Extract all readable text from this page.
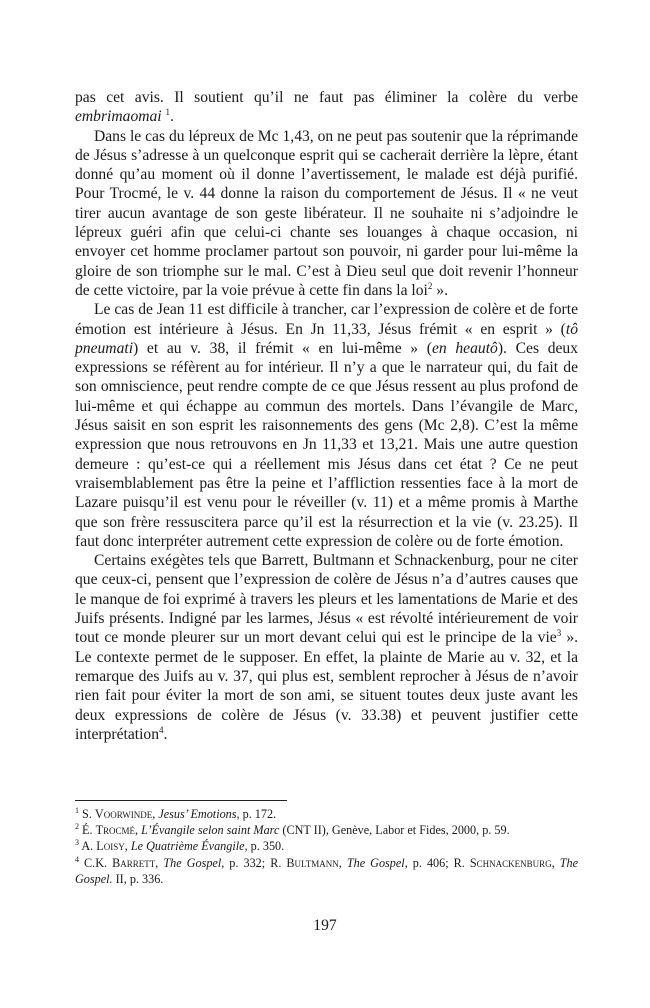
pas cet avis. Il soutient qu’il ne faut pas éliminer la colère du verbe embrimaomai $^1$.

Dans le cas du lépreux de Mc 1,43, on ne peut pas soutenir que la réprimande de Jésus s’adresse à un quelconque esprit qui se cacherait derrière la lèpre, étant donné qu’au moment où il donne l’avertissement, le malade est déjà purifié. Pour Trocmé, le v. 44 donne la raison du comportement de Jésus. Il « ne veut tirer aucun avantage de son geste libérateur. Il ne souhaite ni s’adjoindre le lépreux guéri afin que celui-ci chante ses louanges à chaque occasion, ni envoyer cet homme proclamer partout son pouvoir, ni garder pour lui-même la gloire de son triomphe sur le mal. C’est à Dieu seul que doit revenir l’honneur de cette victoire, par la voie prévue à cette fin dans la loi$^2$ ».

Le cas de Jean 11 est difficile à trancher, car l’expression de colère et de forte émotion est intérieure à Jésus. En Jn 11,33, Jésus frémit « en esprit » (tô pneumati) et au v. 38, il frémit « en lui-même » (en heautô). Ces deux expressions se réfèrent au for intérieur. Il n’y a que le narrateur qui, du fait de son omniscience, peut rendre compte de ce que Jésus ressent au plus profond de lui-même et qui échappe au commun des mortels. Dans l’évangile de Marc, Jésus saisit en son esprit les raisonnements des gens (Mc 2,8). C’est la même expression que nous retrouvons en Jn 11,33 et 13,21. Mais une autre question demeure : qu’est-ce qui a réellement mis Jésus dans cet état ? Ce ne peut vraisemblablement pas être la peine et l’affliction ressenties face à la mort de Lazare puisqu’il est venu pour le réveiller (v. 11) et a même promis à Marthe que son frère ressuscitera parce qu’il est la résurrection et la vie (v. 23.25). Il faut donc interpréter autrement cette expression de colère ou de forte émotion.

Certains exégètes tels que Barrett, Bultmann et Schnackenburg, pour ne citer que ceux-ci, pensent que l’expression de colère de Jésus n’a d’autres causes que le manque de foi exprimé à travers les pleurs et les lamentations de Marie et des Juifs présents. Indigné par les larmes, Jésus « est révolté intérieurement de voir tout ce monde pleurer sur un mort devant celui qui est le principe de la vie$^3$ ». Le contexte permet de le supposer. En effet, la plainte de Marie au v. 32, et la remarque des Juifs au v. 37, qui plus est, semblent reprocher à Jésus de n’avoir rien fait pour éviter la mort de son ami, se situent toutes deux juste avant les deux expressions de colère de Jésus (v. 33.38) et peuvent justifier cette interprétation$^4$.

$^1$ S. Voorwinde, Jesus’ Emotions, p. 172.

$^2$ É. Trocmé, L’Évangile selon saint Marc (CNT II), Genève, Labor et Fides, 2000, p. 59.

$^3$ A. Loisy, Le Quatrième Évangile, p. 350.

$^4$ C.K. Barrett, The Gospel, p. 332; R. Bultmann, The Gospel, p. 406; R. Schnackenburg, The Gospel. II, p. 336.

197
